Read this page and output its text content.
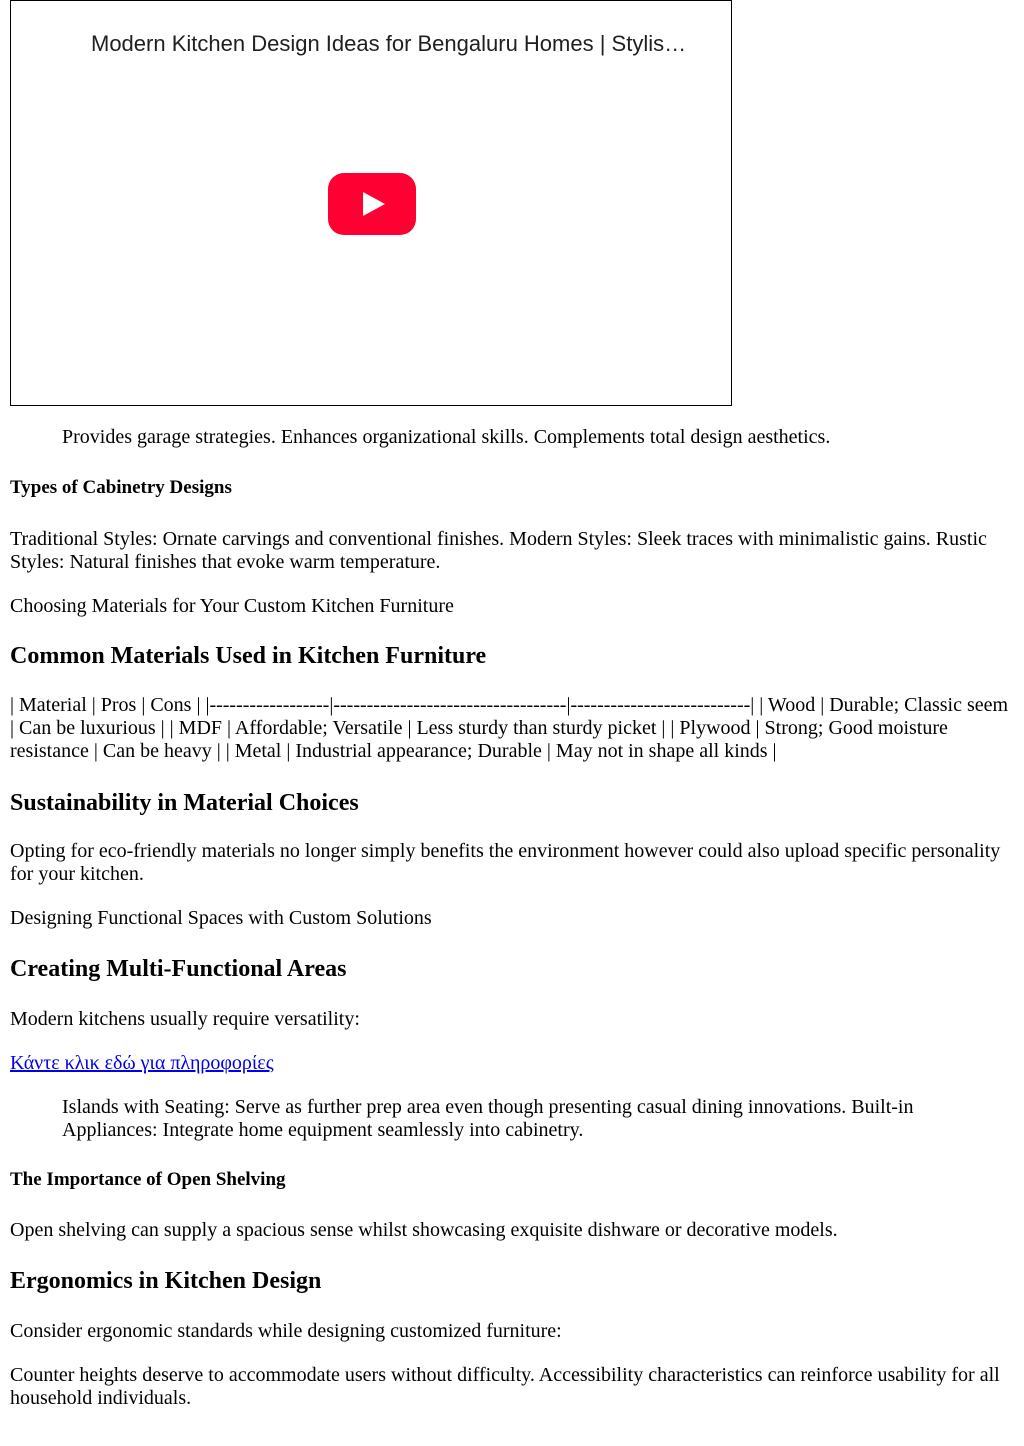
Modern Kitchen Design Ideas for Bengaluru Homes | Stylis…

Provides garage strategies. Enhances organizational skills. Complements total design aesthetics.

Types of Cabinetry Designs

Traditional Styles: Ornate carvings and conventional finishes. Modern Styles: Sleek traces with minimalistic gains. Rustic Styles: Natural finishes that evoke warm temperature.

Choosing Materials for Your Custom Kitchen Furniture

Common Materials Used in Kitchen Furniture

| Material | Pros | Cons | |------------------|-----------------------------------|---------------------------| | Wood | Durable; Classic seem | Can be luxurious | | MDF | Affordable; Versatile | Less sturdy than sturdy picket | | Plywood | Strong; Good moisture resistance | Can be heavy | | Metal | Industrial appearance; Durable | May not in shape all kinds |

Sustainability in Material Choices

Opting for eco-friendly materials no longer simply benefits the environment however could also upload specific personality for your kitchen.

Designing Functional Spaces with Custom Solutions

Creating Multi-Functional Areas

Modern kitchens usually require versatility:

Κάντε κλικ εδώ για πληροφορίες

Islands with Seating: Serve as further prep area even though presenting casual dining innovations. Built-in Appliances: Integrate home equipment seamlessly into cabinetry.

The Importance of Open Shelving

Open shelving can supply a spacious sense whilst showcasing exquisite dishware or decorative models.

Ergonomics in Kitchen Design

Consider ergonomic standards while designing customized furniture:

Counter heights deserve to accommodate users without difficulty. Accessibility characteristics can reinforce usability for all household individuals.
